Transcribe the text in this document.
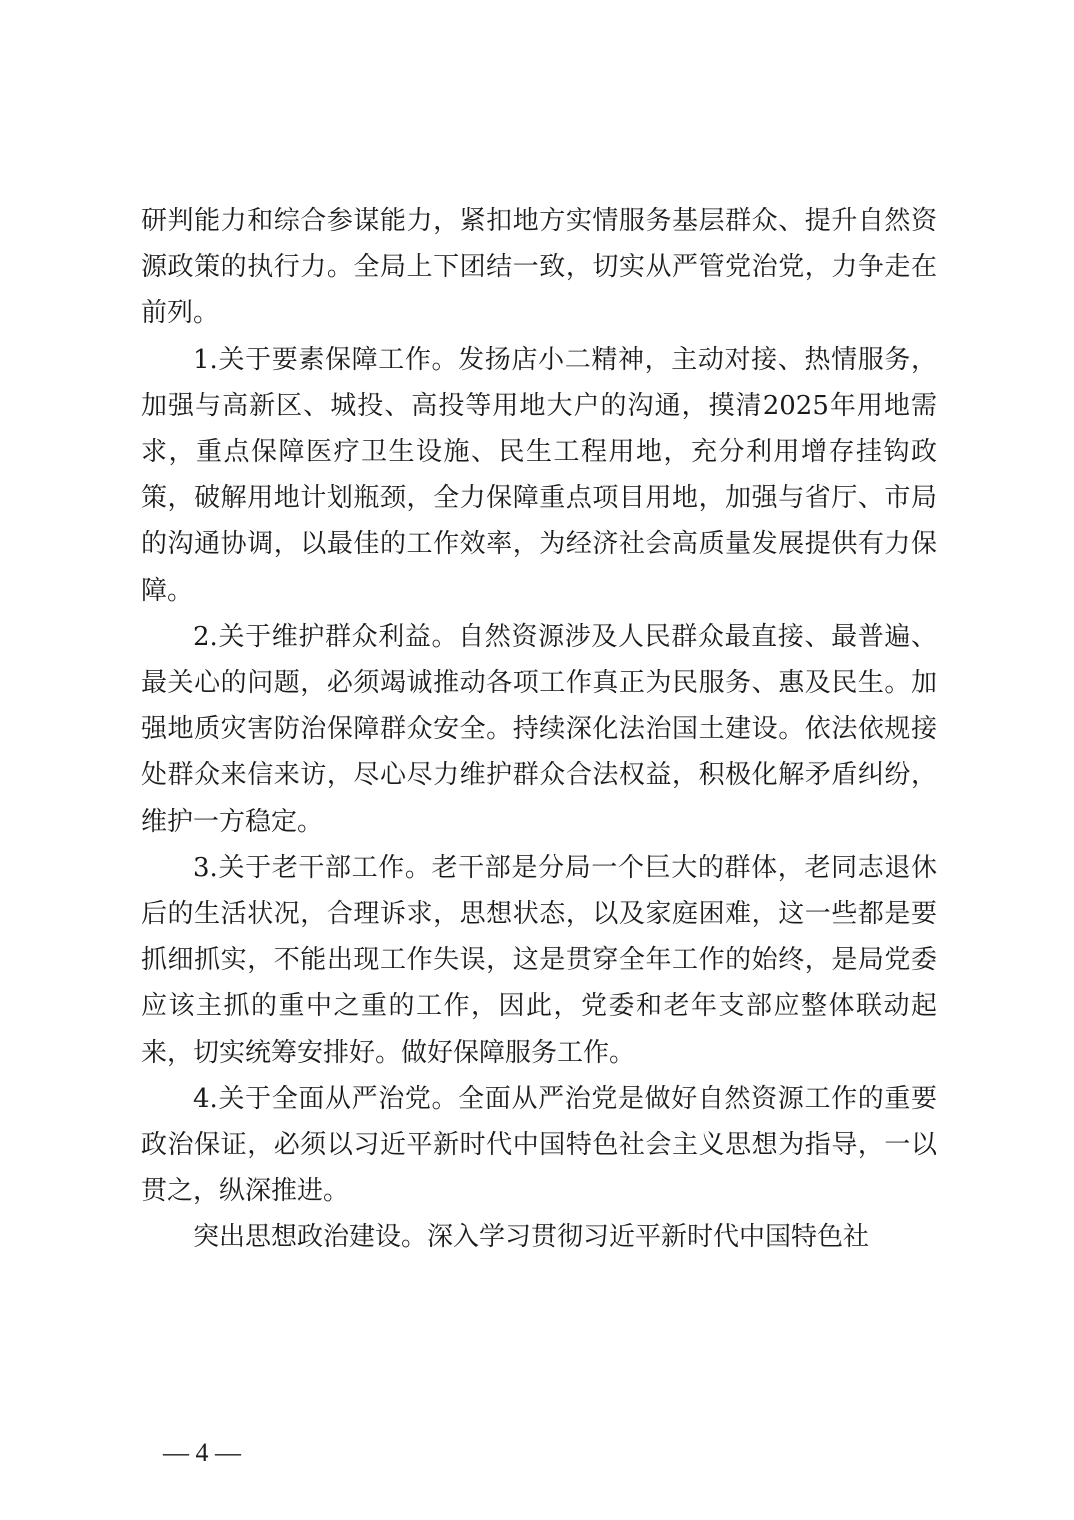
研判能力和综合参谋能力，紧扣地方实情服务基层群众、提升自然资源政策的执行力。全局上下团结一致，切实从严管党治党，力争走在前列。

1.关于要素保障工作。发扬店小二精神，主动对接、热情服务，加强与高新区、城投、高投等用地大户的沟通，摸清2025年用地需求，重点保障医疗卫生设施、民生工程用地，充分利用增存挂钩政策，破解用地计划瓶颈，全力保障重点项目用地，加强与省厅、市局的沟通协调，以最佳的工作效率，为经济社会高质量发展提供有力保障。

2.关于维护群众利益。自然资源涉及人民群众最直接、最普遍、最关心的问题，必须竭诚推动各项工作真正为民服务、惠及民生。加强地质灾害防治保障群众安全。持续深化法治国土建设。依法依规接处群众来信来访，尽心尽力维护群众合法权益，积极化解矛盾纠纷，维护一方稳定。

3.关于老干部工作。老干部是分局一个巨大的群体，老同志退休后的生活状况，合理诉求，思想状态，以及家庭困难，这一些都是要抓细抓实，不能出现工作失误，这是贯穿全年工作的始终，是局党委应该主抓的重中之重的工作，因此，党委和老年支部应整体联动起来，切实统筹安排好。做好保障服务工作。

4.关于全面从严治党。全面从严治党是做好自然资源工作的重要政治保证，必须以习近平新时代中国特色社会主义思想为指导，一以贯之，纵深推进。

突出思想政治建设。深入学习贯彻习近平新时代中国特色社

— 4 —
